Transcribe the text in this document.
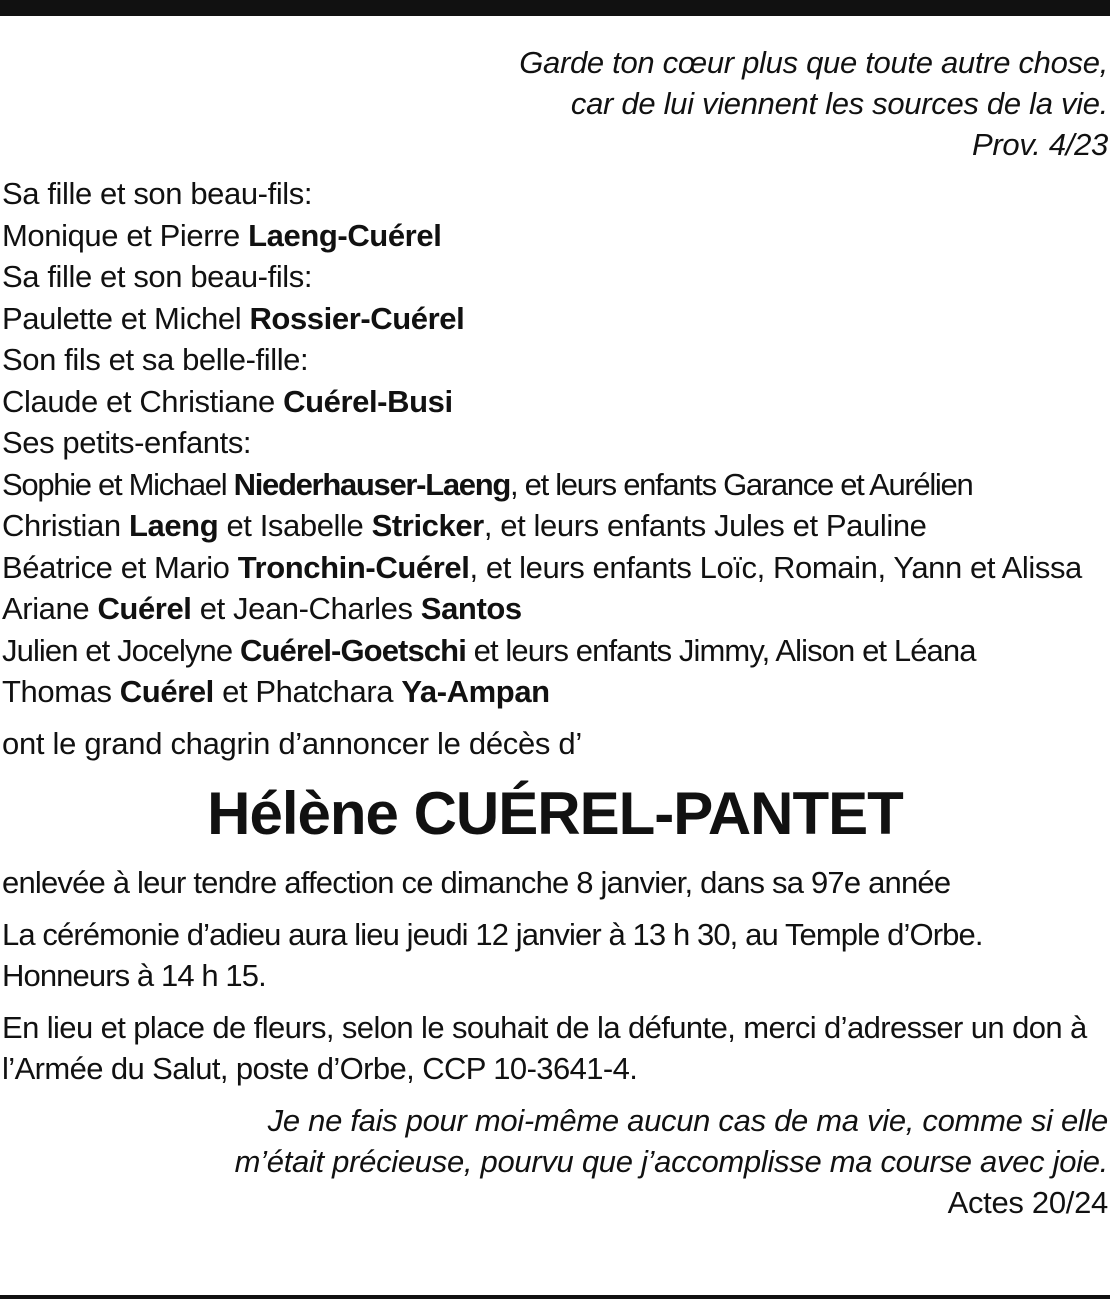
Garde ton cœur plus que toute autre chose,
car de lui viennent les sources de la vie.
Prov. 4/23
Sa fille et son beau-fils:
Monique et Pierre Laeng-Cuérel
Sa fille et son beau-fils:
Paulette et Michel Rossier-Cuérel
Son fils et sa belle-fille:
Claude et Christiane Cuérel-Busi
Ses petits-enfants:
Sophie et Michael Niederhauser-Laeng, et leurs enfants Garance et Aurélien
Christian Laeng et Isabelle Stricker, et leurs enfants Jules et Pauline
Béatrice et Mario Tronchin-Cuérel, et leurs enfants Loïc, Romain, Yann et Alissa
Ariane Cuérel et Jean-Charles Santos
Julien et Jocelyne Cuérel-Goetschi et leurs enfants Jimmy, Alison et Léana
Thomas Cuérel et Phatchara Ya-Ampan
ont le grand chagrin d’annoncer le décès d’
Hélène CUÉREL-PANTET
enlevée à leur tendre affection ce dimanche 8 janvier, dans sa 97e année
La cérémonie d’adieu aura lieu jeudi 12 janvier à 13 h 30, au Temple d’Orbe. Honneurs à 14 h 15.
En lieu et place de fleurs, selon le souhait de la défunte, merci d’adresser un don à l’Armée du Salut, poste d’Orbe, CCP 10-3641-4.
Je ne fais pour moi-même aucun cas de ma vie, comme si elle
m’était précieuse, pourvu que j’accomplisse ma course avec joie.
Actes 20/24
